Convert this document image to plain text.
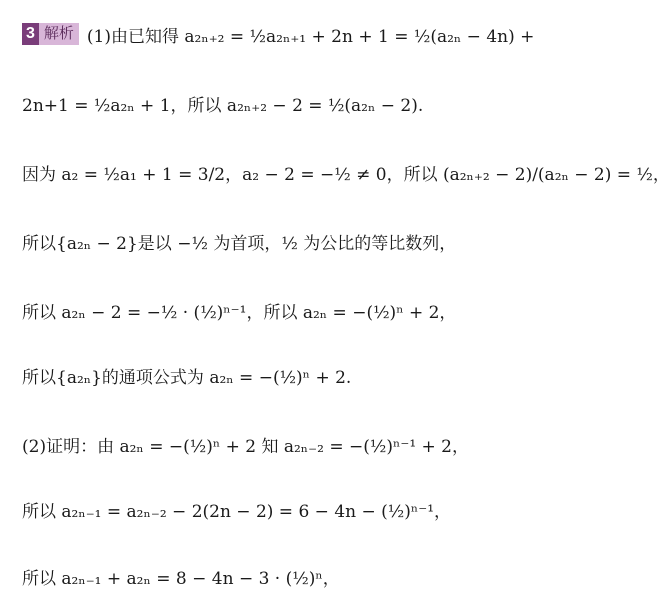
3 解析 (1)由已知得 a₂ₙ₊₂ = ½a₂ₙ₊₁ + 2n + 1 = ½(a₂ₙ − 4n) +
2n+1 = ½a₂ₙ + 1，所以 a₂ₙ₊₂ − 2 = ½(a₂ₙ − 2).
因为 a₂ = ½a₁ + 1 = 3/2，a₂ − 2 = −½ ≠ 0，所以 (a₂ₙ₊₂ − 2)/(a₂ₙ − 2) = ½，
所以{a₂ₙ − 2}是以 −½ 为首项，½ 为公比的等比数列，
所以 a₂ₙ − 2 = −½ · (½)ⁿ⁻¹，所以 a₂ₙ = −(½)ⁿ + 2，
所以{a₂ₙ}的通项公式为 a₂ₙ = −(½)ⁿ + 2.
(2)证明：由 a₂ₙ = −(½)ⁿ + 2 知 a₂ₙ₋₂ = −(½)ⁿ⁻¹ + 2，
所以 a₂ₙ₋₁ = a₂ₙ₋₂ − 2(2n − 2) = 6 − 4n − (½)ⁿ⁻¹，
所以 a₂ₙ₋₁ + a₂ₙ = 8 − 4n − 3 · (½)ⁿ，
